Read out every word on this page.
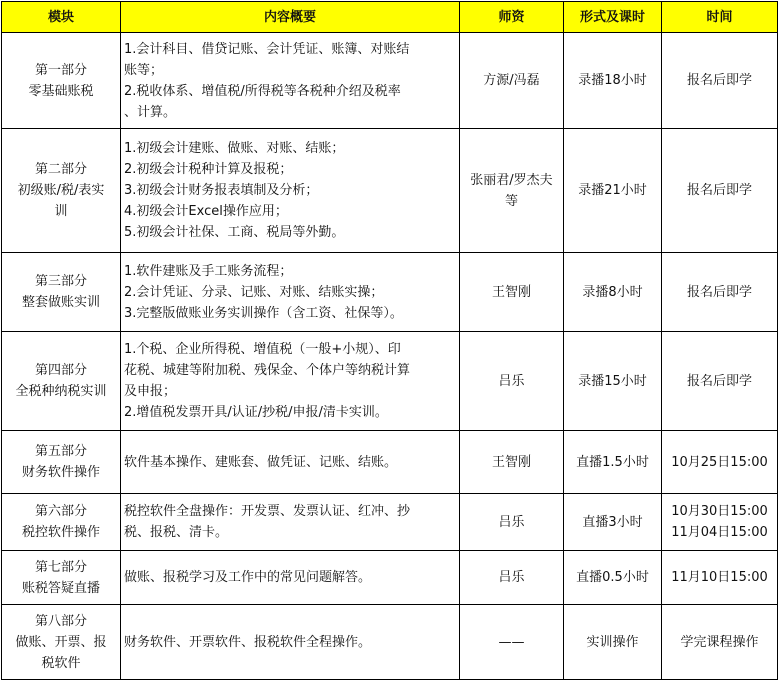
模块	内容概要	师资	形式及课时	时间

第一部分
零基础账税	1.会计科目、借贷记账、会计凭证、账簿、对账结
账等；
2.税收体系、增值税/所得税等各税种介绍及税率
、计算。	方源/冯磊	录播18小时	报名后即学

第二部分
初级账/税/表实
训	1.初级会计建账、做账、对账、结账；
2.初级会计税种计算及报税；
3.初级会计财务报表填制及分析；
4.初级会计Excel操作应用；
5.初级会计社保、工商、税局等外勤。	张丽君/罗杰夫
等	录播21小时	报名后即学

第三部分
整套做账实训	1.软件建账及手工账务流程；
2.会计凭证、分录、记账、对账、结账实操；
3.完整版做账业务实训操作（含工资、社保等）。	王智刚	录播8小时	报名后即学

第四部分
全税种纳税实训	1.个税、企业所得税、增值税（一般+小规）、印
花税、城建等附加税、残保金、个体户等纳税计算
及申报；
2.增值税发票开具/认证/抄税/申报/清卡实训。	吕乐	录播15小时	报名后即学

第五部分
财务软件操作	软件基本操作、建账套、做凭证、记账、结账。	王智刚	直播1.5小时	10月25日15:00

第六部分
税控软件操作	税控软件全盘操作：开发票、发票认证、红冲、抄
税、报税、清卡。	吕乐	直播3小时	10月30日15:00
11月04日15:00

第七部分
账税答疑直播	做账、报税学习及工作中的常见问题解答。	吕乐	直播0.5小时	11月10日15:00

第八部分
做账、开票、报
税软件	财务软件、开票软件、报税软件全程操作。	——	实训操作	学完课程操作
